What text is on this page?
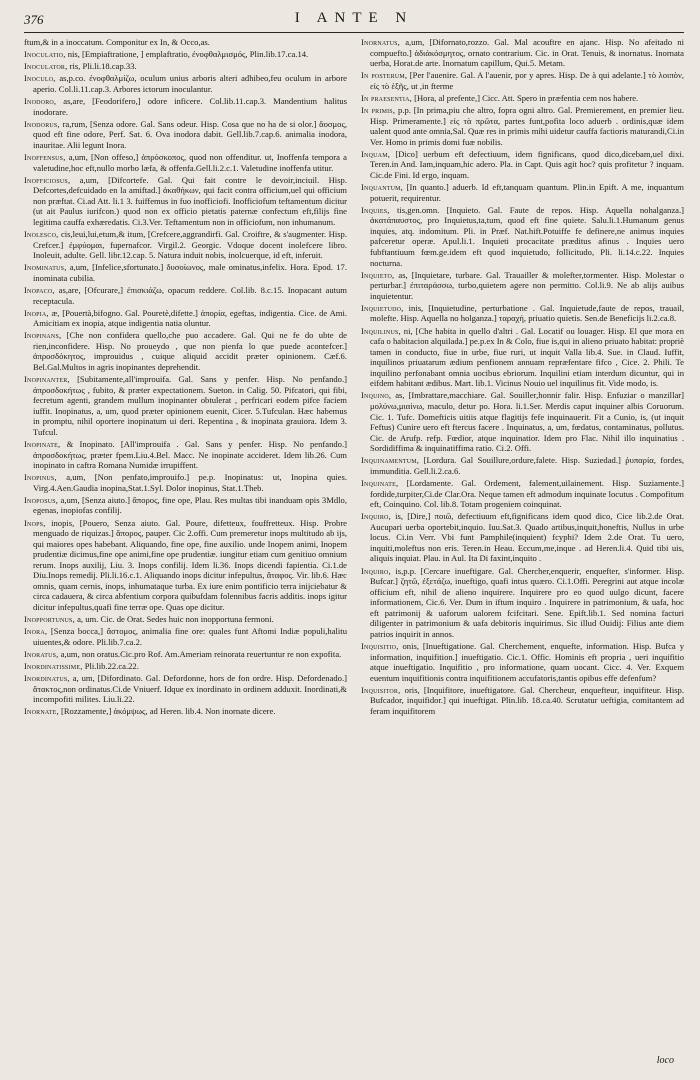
376	I ANTE N

ftum,& in a inoccatum. Componitur ex In, & Occo,as.

Inoculatio, nis, [Empiaftratione, ] emplaftratio, ἐνοφθαλμισμός, Plin.lib.17.ca.14.

Inoculator, ris, Pli.li.18.cap.33.

Inoculo, as,p.co. ἐνοφθαλμίζω, oculum unius arboris alteri adhibeo,feu oculum in arbore aperio. Col.li.11.cap.3. Arbores ictorum inoculantur.

Inodoro, as,are, [Feodorifero,] odore inficere. Col.lib.11.cap.3. Mandentium halitus inodorare.

Inodorus, ra,rum, [Senza odore. Gal. Sans odeur. Hisp. Cosa que no ha de si olor.] ἄοσμος, quod eft fine odore, Perf. Sat. 6. Ova inodora dabit. Gell.lib.7.cap.6. animalia inodora, inauritae. Alii legunt Inora.

Inoffensus, a,um, [Non offeso,] ἀπρόσκοπος, quod non offenditur. ut, Inoffenfa tempora a valetudine,hoc eft,nullo morbo læfa, & offenfa.Gell.li.2.c.1. Valetudine inoffenfa utitur.

Inofficiosus, a,um, [Difcortefe. Gal. Qui fait contre le devoir,inciuil. Hisp. Defcortes,defcuidado en la amiftad.] ἀκαθήκων, qui facit contra officium,uel qui officium non præftat. Ci.ad Att. li.1 3. fuiffemus in fuo inofficiofi. Inofficiofum teftamentum dicitur (ut ait Paulus iurifcon.) quod non ex officio pietatis paternæ confectum eft,filijs fine legitima cauffa exhæredatis. Ci.3.Ver. Teftamentum non in officiofum, non inhumanum.

Inolesco, cis,leui,lui,etum,& itum, [Crefcere,aggrandirfi. Gal. Croiftre, & s'augmenter. Hisp. Crefcer.] ἐμφύομαι, fupernafcor. Virgil.2. Georgic. Vdoque docent inolefcere libro. Inoleuit, adulte. Gell. libr.12.cap. 5. Natura induit nobis, inolcuerque, id eft, inferuit.

Inominatus, a,um, [Infelice,sfortunato.] δυσοίωνος, male ominatus,infelix. Hora. Epod. 17. inominata cubilia.

Inopaco, as,are, [Ofcurare,] ἐπισκιάζω, opacum reddere. Col.lib. 8.c.15. Inopacant autum receptacula.

Inopia, æ, [Pouertà,bifogno. Gal. Pouretè,difette.] ἀπορία, egeftas, indigentia. Cice. de Ami. Amicitiam ex inopia, atque indigentia natia oluntur.

Inopinans, [Che non confidera quello,che puo accadere. Gal. Qui ne fe do ubte de rien,inconfidere. Hisp. No proueydo , que non pienfa lo que puede acontefcer.] ἀπροσδόκητος, improuidus , cuique aliquid accidit præter opinionem. Cæf.6. Bel.Gal.Multos in agris inopinantes deprehendit.

Inopinanter, [Subitamente,all'improuifa. Gal. Sans y penfer. Hisp. No penfando.] ἀπροσδοκήτως , fubito, & præter expectationem. Sueton. in Calig. 50. Pifcatori, qui fibi, fecretum agenti, grandem mullum inopinanter obtulerat , perfricari eodem pifce faciem iuffit. Inopinatus, a, um, quod præter opinionem euenit, Cicer. 5.Tufculan. Hæc habemus in promptu, nihil oportere inopinatum ui deri. Repentina , & inopinata grauiora. Idem 3. Tufcul.

Inopinate, & Inopinato. [All'improuifa . Gal. Sans y penfer. Hisp. No penfando.] ἀπροσδοκήτως, præter fpem.Liu.4.Bel. Macc. Ne inopinate accideret. Idem lib.26. Cum inopinato in caftra Romana Numidæ irrupiffent.

Inopinus, a,um, [Non penfato,improuifo.] pe.p. Inopinatus: ut, Inopina quies. Virg.4.Aen.Gaudia inopina,Stat.1.Syl. Dolor inopinus, Stat.1.Theb.

Inoposus, a,um, [Senza aiuto.] ἄπορος, fine ope, Plau. Res multas tibi inanduam opis 3Mdlo, egenas, inopiofas confilij.

Inops, inopis, [Pouero, Senza aiuto. Gal. Poure, difetteux, fouffretteux. Hisp. Probre menguado de riquizas.] ἄπορος, pauper. Cic 2.offi. Cum premeretur inops multitudo ab ijs, qui maiores opes habebant. Aliquando, fine ope, fine auxilio. unde Inopem animi, Inopem prudentiæ dicimus,fine ope animi,fine ope prudentiæ. iungitur etiam cum genitiuo omnium rerum. Inops auxilij, Liu. 3. Inops confilij. Idem li.36. Inops dicendi fapientia. Ci.1.de Diu.Inops remedij. Pli.li.16.c.1. Aliquando inops dicitur infepultus, ἄταφος. Vir. lib.6. Hæc omnis, quam cernis, inops, inhumataque turba. Ex iure enim pontificio terra inijciebatur & circa cadauera, & circa abfentium corpora quibufdam folennibus facris additis. inops igitur dicitur infepultus,quafi fine terræ ope. Quas ope dicitur.

Inopportunus, a, um. Cic. de Orat. Sedes huic non inopportuna fermoni.

Inora, [Senza bocca,] ἄστομος, animalia fine ore: quales funt Aftomi Indiæ populi,halitu uiuentes,& odore. Pli.lib.7.ca.2.

Inoratus, a,um, non oratus.Cic.pro Rof. Am.Ameriam reinorata reuertuntur re non expofita.

Inordinatissime, Pli.lib.22.ca.22.

Inordinatus, a, um, [Difordinato. Gal. Defordonne, hors de fon ordre. Hisp. Defordenado.] ἄτακτος,non ordinatus.Ci.de Vniuerf. Idque ex inordinato in ordinem adduxit. Inordinati,& incompofiti milites. Liu.li.22.

Inornate, [Rozzamente,] ἀκόμψως, ad Heren. lib.4. Non inornate dicere.

Inornatus, a,um, [Difornato,rozzo. Gal. Mal acouftre en ajanc. Hisp. No afeitado ni compuefto.] ἀδιάκόσμητος, ornato contrarium. Cic. in Orat. Tenuis, & inornatus. Inornata uerba, Horat.de arte. Inornatum capillum, Qui.5. Metam.

In posterum, [Per l'auenire. Gal. A l'auenir, por y apres. Hisp. De à qui adelante.] τὸ λοιπὸν, εἰς τὸ ἑξῆς, ut ,in fterme

In praesentia, [Hora, al prefente,] Cicc. Att. Spero in præfentia cem nos habere.

In primis, p.p. [In prima,piu che altro, fopra ogni altro. Gal. Premierement, en premier lieu. Hisp. Primeramente.] εἰς τὰ πρῶτα, partes funt,pofita loco aduerb . ordinis,quæ idem ualent quod ante omnia,Sal. Quæ res in primis mihi uidetur cauffa factioris maturandi,Ci.in Ver. Homo in primis domi fuæ nobilis.

Inquam, [Dico] uerbum eft defectiuum, idem fignificans, quod dico,dicebam,uel dixi. Teren.in And. Iam,inquam,hic adero. Pla. in Capt. Quis agit hoc? quis profitetur ? inquam. Cic.de Fini. Id ergo, inquam.

Inquantum, [In quanto.] aduerb. Id eft,tanquam quantum. Plin.in Epift. A me, inquantum potuerit, requirentur.

Inquies, tis,gen.omn. [Inquieto. Gal. Faute de repos. Hisp. Aquella nohalganza.] ἀκατάπαυστος, pro Inquietus,ta,tum, quod eft fine quiete. Salu.li.1.Humanum genus inquies, atq. indomitum. Pli. in Præf. Nat.hift.Potuiffe fe definere,ne animus inquies pafceretur operæ. Apul.li.1. Inquieti procacitate præditus afinus . Inquies uero fubftantiuum fœm.ge.idem eft quod inquietudo, follicitudo, Pli. li.14.c.22. Inquies nocturna.

Inquieto, as, [Inquietare, turbare. Gal. Trauailler & molefter,tormenter. Hisp. Molestar o perturbar.] ἐπιταράσσω, turbo,quietem agere non permitto. Col.li.9. Ne ab alijs auibus inquietentur.

Inquietudo, inis, [Inquietudine, perturbatione . Gal. Inquietude,faute de repos, trauail, molefte. Hisp. Aquella no holganza.] ταραχή, priuatio quietis. Sen.de Beneficijs li.2.ca.8.

Inquilinus, ni, [Che habita in quello d'altri . Gal. Locatif ou louager. Hisp. El que mora en cafa o habitacion alquilada.] pe.p.ex In & Colo, fiue is,qui in alieno priuato habitat: propriè tamen in conducto, fiue in urbe, fiue ruri, ut inquit Valla lib.4. Sue. in Claud. Iuffit, inquilinos priuatarum ædium penfionem annuam repræfentare fifco , Cice. 2. Phili. Te inquilino perfonabant omnia uocibus ebriorum. Inquilini etiam interdum dicuntur, qui in eifdem habitant ædibus. Mart. lib.1. Vicinus Nouio uel inquilinus fit. Vide modo, is.

Inquino, as, [Imbrattare,macchiare. Gal. Souiller,honnir falir. Hisp. Enfuziar o manzillar] μολύνω,μιαίνω, maculo, detur po. Hora. li.1.Ser. Merdis caput inquiner albis Coruorum. Cic. 1. Tufc. Domefticis uitiis atque flagitijs fefe inquinauerit. Fit a Cunio, is, (ut inquit Feftus) Cunire uero eft ftercus facere . Inquinatus, a, um, fœdatus, contaminatus, pollutus. Cic. de Arufp. refp. Fœdior, atque inquinatior. Idem pro Flac. Nihil illo inquinatius . Sordidiffima & inquinatiffima ratio. Ci.2. Offi.

Inquinamentum, [Lordura. Gal Souillure,ordure,falete. Hisp. Suziedad.] ῥυπαρία, fordes, immunditia. Gell.li.2.ca.6.

Inquinate, [Lordamente. Gal. Ordement, falement,uilainement. Hisp. Suziamente.] fordide,turpiter,Ci.de Clar.Ora. Neque tamen eft admodum inquinate locutus . Compofitum eft, Coinquino. Col. lib.8. Totam progeniem coinquinat.

Inquiro, is, [Dire,] ποιῶ, defectiuum eft,fignificans idem quod dico, Cice lib.2.de Orat. Aucupari uerba oportebit,inquio. Iuu.Sat.3. Quado artibus,inquit,honeftis, Nullus in urbe locus. Ci.in Verr. Vbi funt Pamphile(inquient) fcyphi? Idem 2.de Orat. Tu uero, inquiti,moleftus non eris. Teren.in Heau. Eccum,me,inque . ad Heren.li.4. Quid tibi uis, aliquis inquiat. Plau. in Aul. Ita Di faxint,inquito .

Inquiro, is,p.p. [Cercare inueftigare. Gal. Chercher,enquerir, enquefter, s'informer. Hisp. Bufcar.] ζητῶ, ἐξετάζω, inueftigo, quafi intus quæro. Ci.1.Offi. Peregrini aut atque incolæ officium eft, nihil de alieno inquirere. Inquirere pro eo quod uulgo dicunt, facere informationem, Cic.6. Ver. Dum in iftum inquiro . Inquirere in patrimonium, & uafa, hoc eft patrimonij & uaforum ualorem fcifcitari. Sene. Epift.lib.1. Sed nomina facturi diligenter in patrimonium & uafa debitoris inquirimus. Sic illud Ouidij: Filius ante diem patrios inquirit in annos.

Inquisitio, onis, [Inueftigatione. Gal. Cherchement, enquefte, information. Hisp. Bufca y information, inquifition.] inueftigatio. Cic.1. Offic. Hominis eft propria , ueri inquifitio atque inueftigatio. Inquifitio , pro informatione, quam uocant. Cicc. 4. Ver. Exquem euentum inquifitionis contra inquifitionem accufatoris,tantis opibus effe defenfum?

Inquisitor, oris, [Inquifitore, inueftigatore. Gal. Chercheur, enquefteur, inquifiteur. Hisp. Bufcador, inquifidor.] qui inueftigat. Plin.lib. 18.ca.40. Scrutatur ueftigia, comitantem ad feram inquifitorem

loco
